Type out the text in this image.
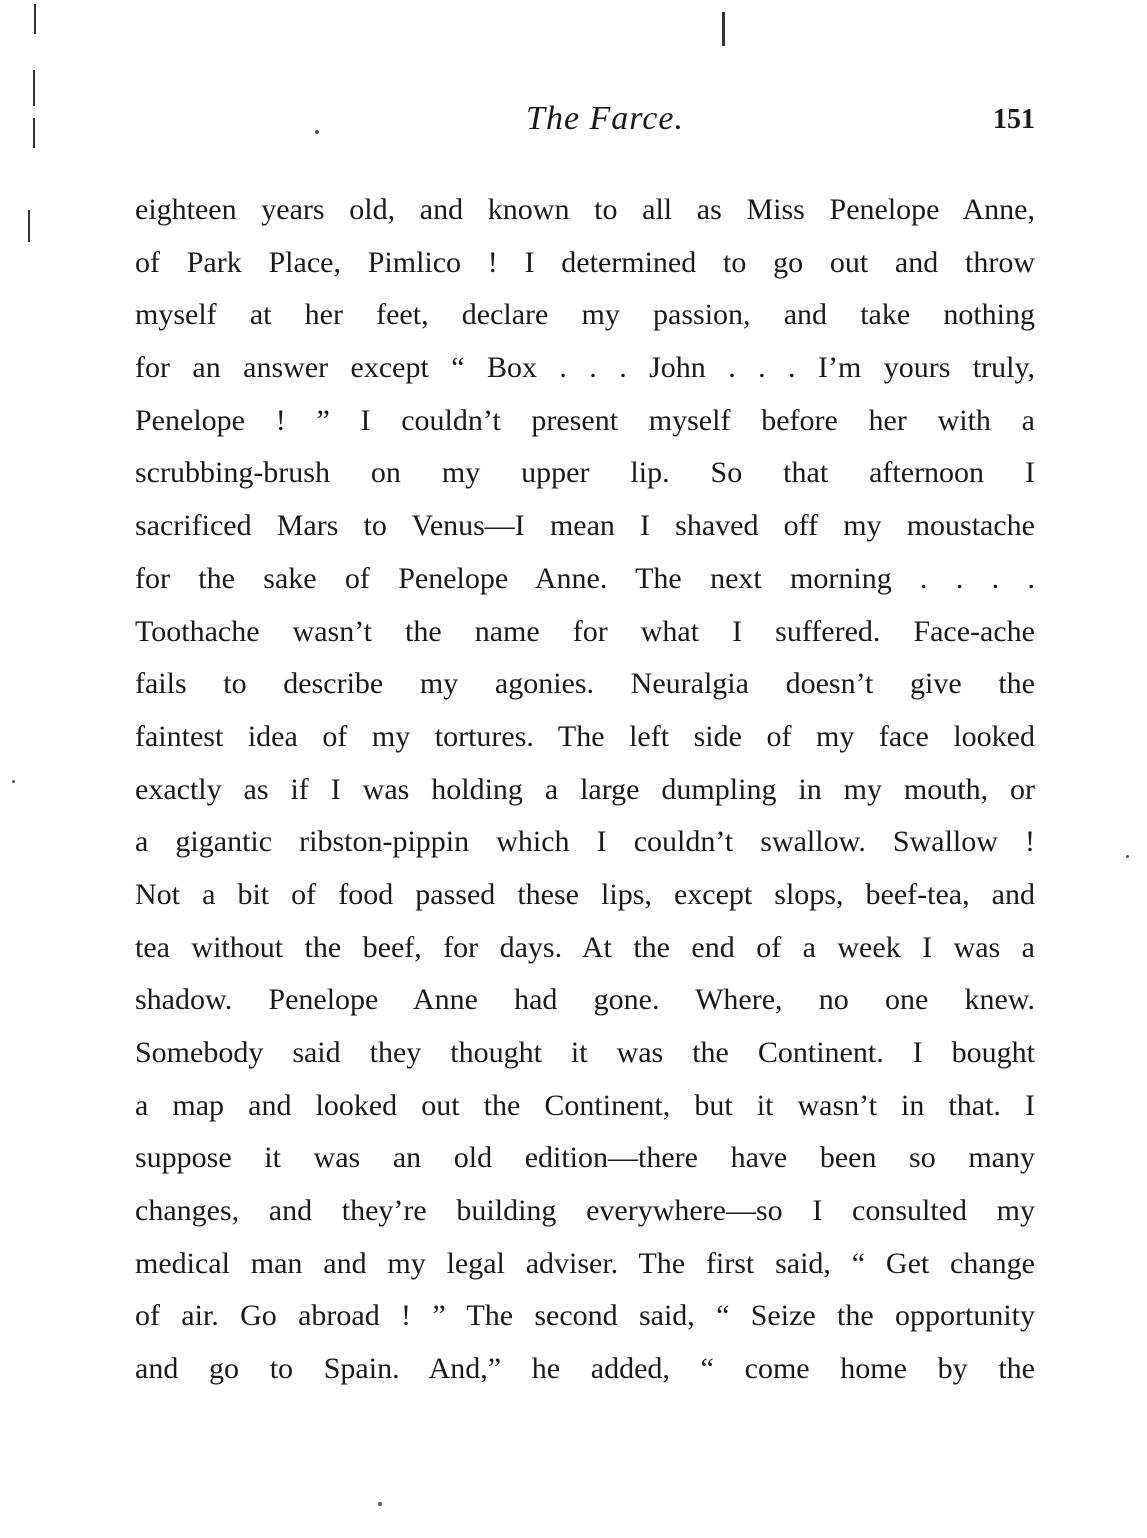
The Farce.	151
eighteen years old, and known to all as Miss Penelope Anne,
of Park Place, Pimlico ! I determined to go out and throw
myself at her feet, declare my passion, and take nothing
for an answer except “ Box . . . John . . . I’m yours truly,
Penelope ! ” I couldn’t present myself before her with a
scrubbing-brush on my upper lip. So that afternoon I
sacrificed Mars to Venus—I mean I shaved off my moustache
for the sake of Penelope Anne. The next morning . . . .
Toothache wasn’t the name for what I suffered. Face-ache
fails to describe my agonies. Neuralgia doesn’t give the
faintest idea of my tortures. The left side of my face looked
exactly as if I was holding a large dumpling in my mouth, or
a gigantic ribston-pippin which I couldn’t swallow. Swallow !
Not a bit of food passed these lips, except slops, beef-tea, and
tea without the beef, for days. At the end of a week I was a
shadow. Penelope Anne had gone. Where, no one knew.
Somebody said they thought it was the Continent. I bought
a map and looked out the Continent, but it wasn’t in that. I
suppose it was an old edition—there have been so many
changes, and they’re building everywhere—so I consulted my
medical man and my legal adviser. The first said, “ Get change
of air. Go abroad ! ” The second said, “ Seize the opportunity
and go to Spain. And,” he added, “ come home by the
